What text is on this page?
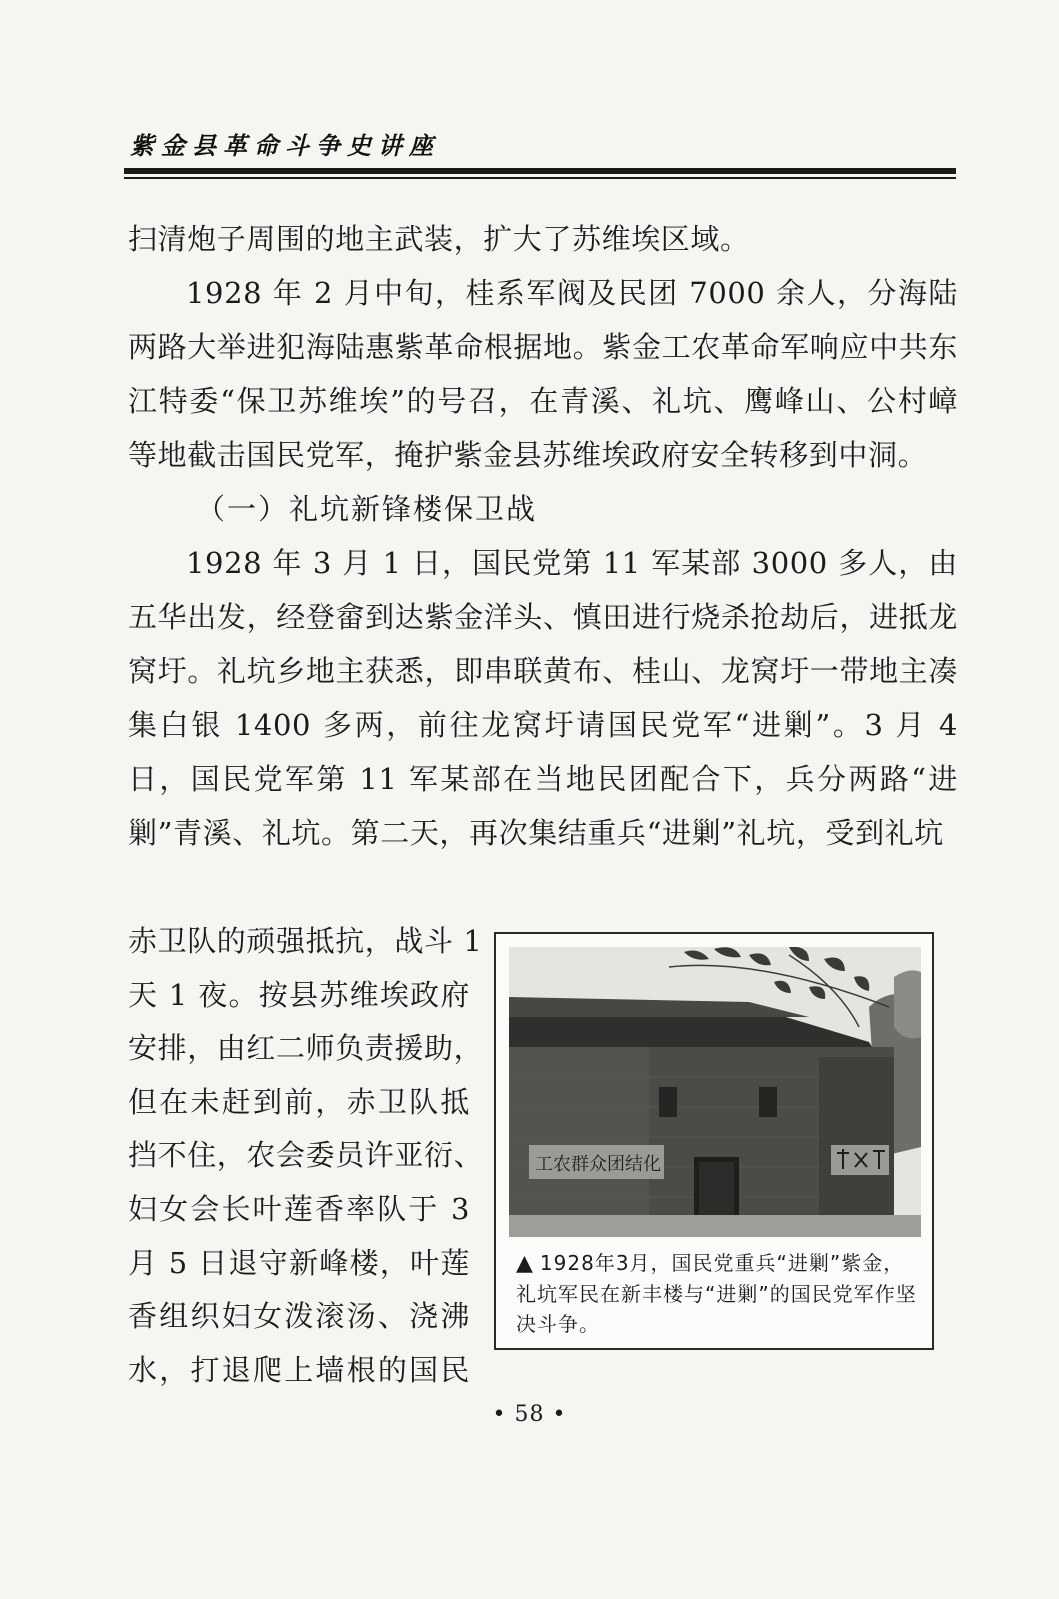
紫金县革命斗争史讲座

扫清炮子周围的地主武装，扩大了苏维埃区域。

1928 年 2 月中旬，桂系军阀及民团 7000 余人，分海陆两路大举进犯海陆惠紫革命根据地。紫金工农革命军响应中共东江特委“保卫苏维埃”的号召，在青溪、礼坑、鹰峰山、公村嶂等地截击国民党军，掩护紫金县苏维埃政府安全转移到中洞。

（一）礼坑新锋楼保卫战

1928 年 3 月 1 日，国民党第 11 军某部 3000 多人，由五华出发，经登畲到达紫金洋头、慎田进行烧杀抢劫后，进抵龙窝圩。礼坑乡地主获悉，即串联黄布、桂山、龙窝圩一带地主凑集白银 1400 多两，前往龙窝圩请国民党军“进剿”。3 月 4 日，国民党军第 11 军某部在当地民团配合下，兵分两路“进剿”青溪、礼坑。第二天，再次集结重兵“进剿”礼坑，受到礼坑

赤卫队的顽强抵抗，战斗 1
天 1 夜。按县苏维埃政府
安排，由红二师负责援助，
但在未赶到前，赤卫队抵
挡不住，农会委员许亚衍、
妇女会长叶莲香率队于 3
月 5 日退守新峰楼，叶莲
香组织妇女泼滚汤、浇沸
水，打退爬上墙根的国民
工农群众团结化
▲ 1928年3月，国民党重兵“进剿”紫金，礼坑军民在新丰楼与“进剿”的国民党军作坚决斗争。
• 58 •
